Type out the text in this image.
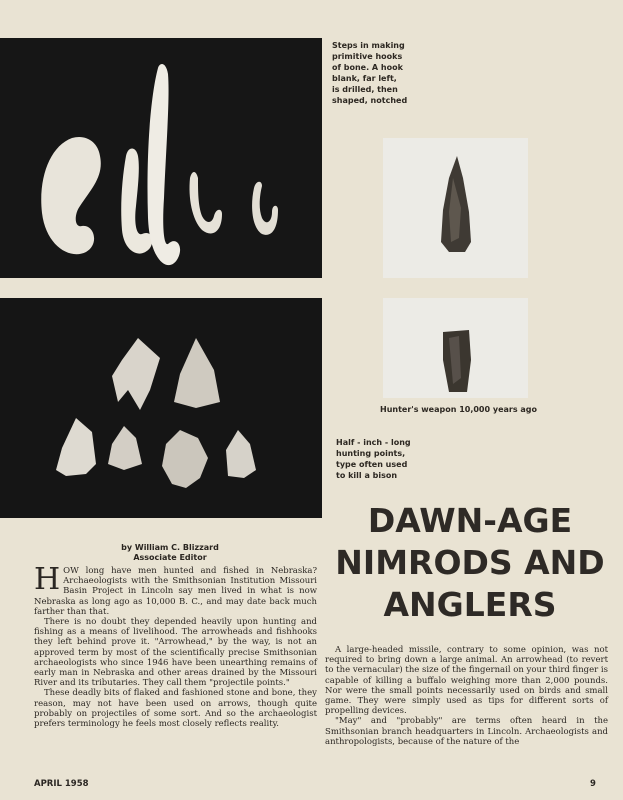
Steps in making
primitive hooks
of bone. A hook
blank, far left,
is drilled, then
shaped, notched
Hunter's weapon 10,000 years ago
Half - inch - long
hunting points,
type often used
to kill a bison
DAWN-AGE
NIMRODS AND
ANGLERS
by William C. Blizzard
Associate Editor

HOW long have men hunted and fished in Nebraska? Archaeologists with the Smithsonian Institution Missouri Basin Project in Lincoln say men lived in what is now Nebraska as long ago as 10,000 B. C., and may date back much farther than that.

There is no doubt they depended heavily upon hunting and fishing as a means of livelihood. The arrowheads and fishhooks they left behind prove it. "Arrowhead," by the way, is not an approved term by most of the scientifically precise Smithsonian archaeologists who since 1946 have been unearthing remains of early man in Nebraska and other areas drained by the Missouri River and its tributaries. They call them "projectile points."

These deadly bits of flaked and fashioned stone and bone, they reason, may not have been used on arrows, though quite probably on projectiles of some sort. And so the archaeologist prefers terminology he feels most closely reflects reality.

A large-headed missile, contrary to some opinion, was not required to bring down a large animal. An arrowhead (to revert to the vernacular) the size of the fingernail on your third finger is capable of killing a buffalo weighing more than 2,000 pounds. Nor were the small points necessarily used on birds and small game. They were simply used as tips for different sorts of propelling devices.

"May" and "probably" are terms often heard in the Smithsonian branch headquarters in Lincoln. Archaeologists and anthropologists, because of the nature of the

APRIL 1958	9
